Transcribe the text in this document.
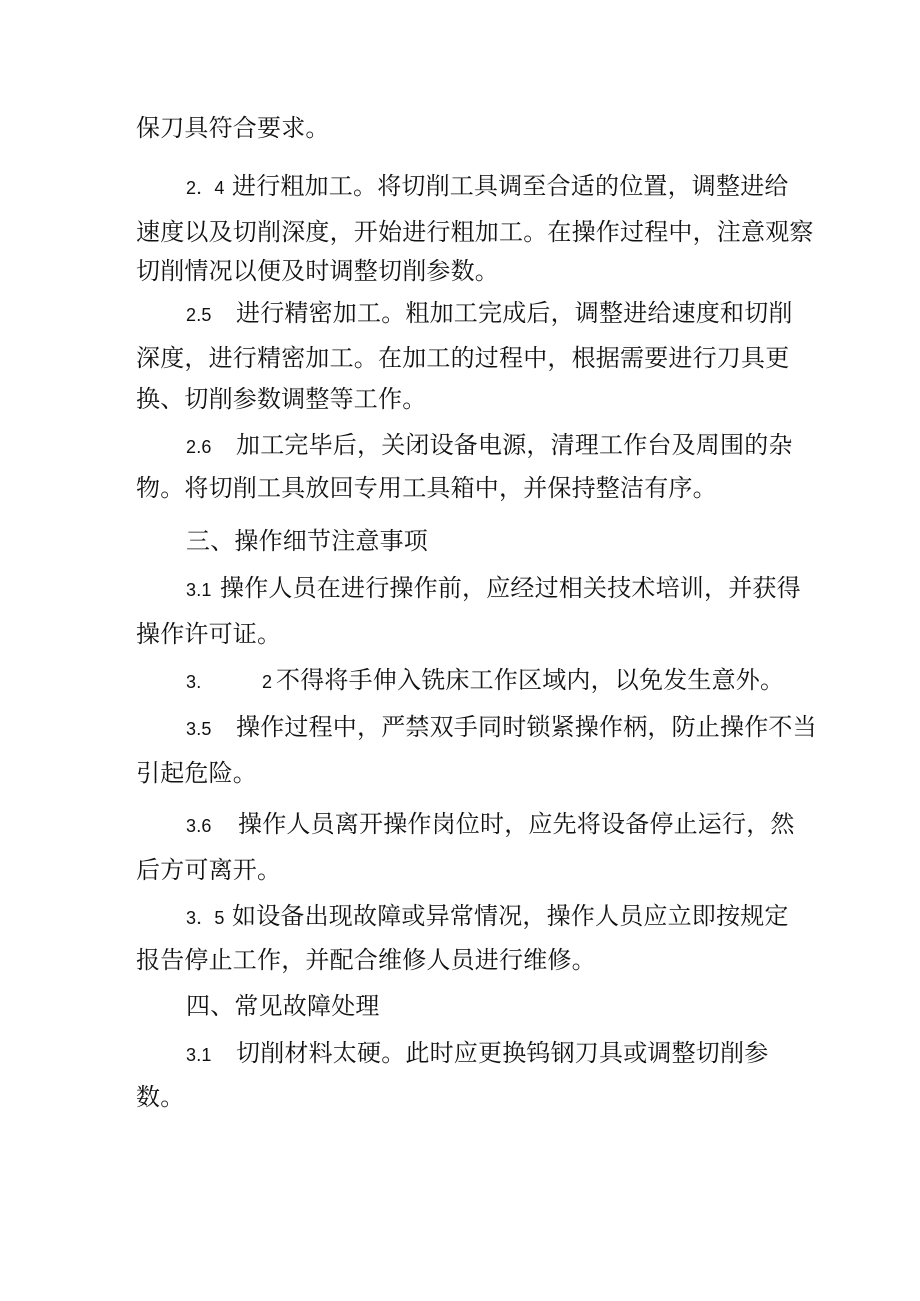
保刀具符合要求。
2．4 进行粗加工。将切削工具调至合适的位置，调整进给
速度以及切削深度，开始进行粗加工。在操作过程中，注意观察
切削情况以便及时调整切削参数。
2.5 进行精密加工。粗加工完成后，调整进给速度和切削
深度，进行精密加工。在加工的过程中，根据需要进行刀具更
换、切削参数调整等工作。
2.6 加工完毕后，关闭设备电源，清理工作台及周围的杂
物。将切削工具放回专用工具箱中，并保持整洁有序。
三、操作细节注意事项
3.1 操作人员在进行操作前，应经过相关技术培训，并获得
操作许可证。
3.	2 不得将手伸入铣床工作区域内，以免发生意外。
3.5 操作过程中，严禁双手同时锁紧操作柄，防止操作不当
引起危险。
3.6 操作人员离开操作岗位时，应先将设备停止运行，然
后方可离开。
3．5 如设备出现故障或异常情况，操作人员应立即按规定
报告停止工作，并配合维修人员进行维修。
四、常见故障处理
3.1 切削材料太硬。此时应更换钨钢刀具或调整切削参
数。
